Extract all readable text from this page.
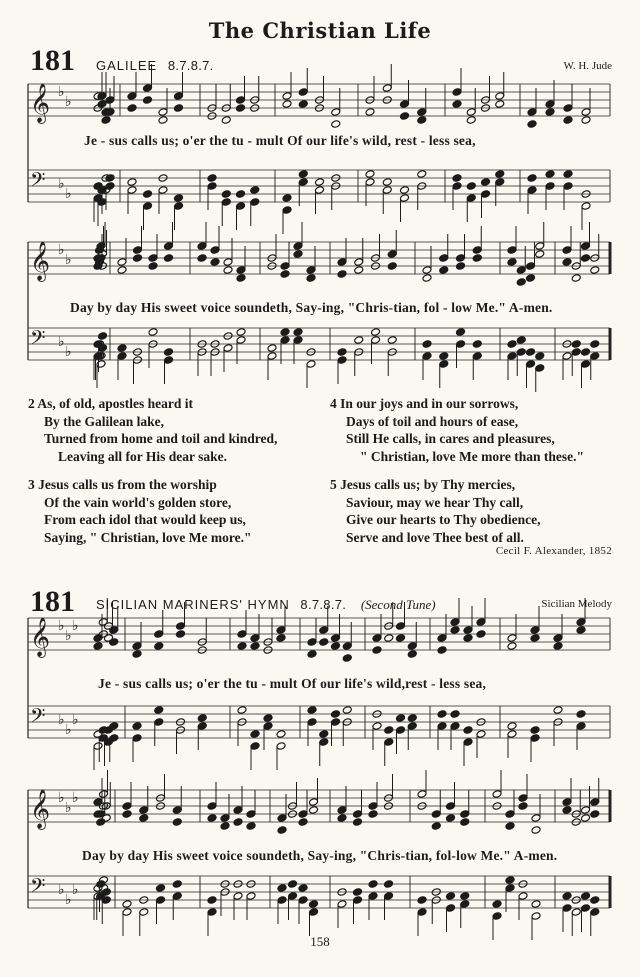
The Christian Life
181 GALILEE 8.7.8.7.	W. H. Jude
𝄞 ♭
♭
𝄢 ♭
♭
Je - sus calls us; o'er the tu - mult Of our life's wild, rest - less sea,
𝄞 ♭
♭
𝄢 ♭
♭
Day by day His sweet voice soundeth, Say-ing, "Chris-tian, fol - low Me." A-men.
2 As, of old, apostles heard it
By the Galilean lake,
Turned from home and toil and kindred,
Leaving all for His dear sake.
3 Jesus calls us from the worship
Of the vain world's golden store,
From each idol that would keep us,
Saying, " Christian, love Me more."
4 In our joys and in our sorrows,
Days of toil and hours of ease,
Still He calls, in cares and pleasures,
" Christian, love Me more than these."
5 Jesus calls us; by Thy mercies,
Saviour, may we hear Thy call,
Give our hearts to Thy obedience,
Serve and love Thee best of all.
Cecil F. Alexander, 1852
181 SICILIAN MARINERS' HYMN 8.7.8.7. (Second Tune)	Sicilian Melody
𝄞 ♭
♭
♭
𝄢 ♭
♭
♭
Je - sus calls us; o'er the tu - mult Of our life's wild,rest - less sea,
𝄞 ♭
♭
♭
𝄢 ♭
♭
♭
Day by day His sweet voice soundeth, Say-ing, "Chris-tian, fol-low Me." A-men.
158
